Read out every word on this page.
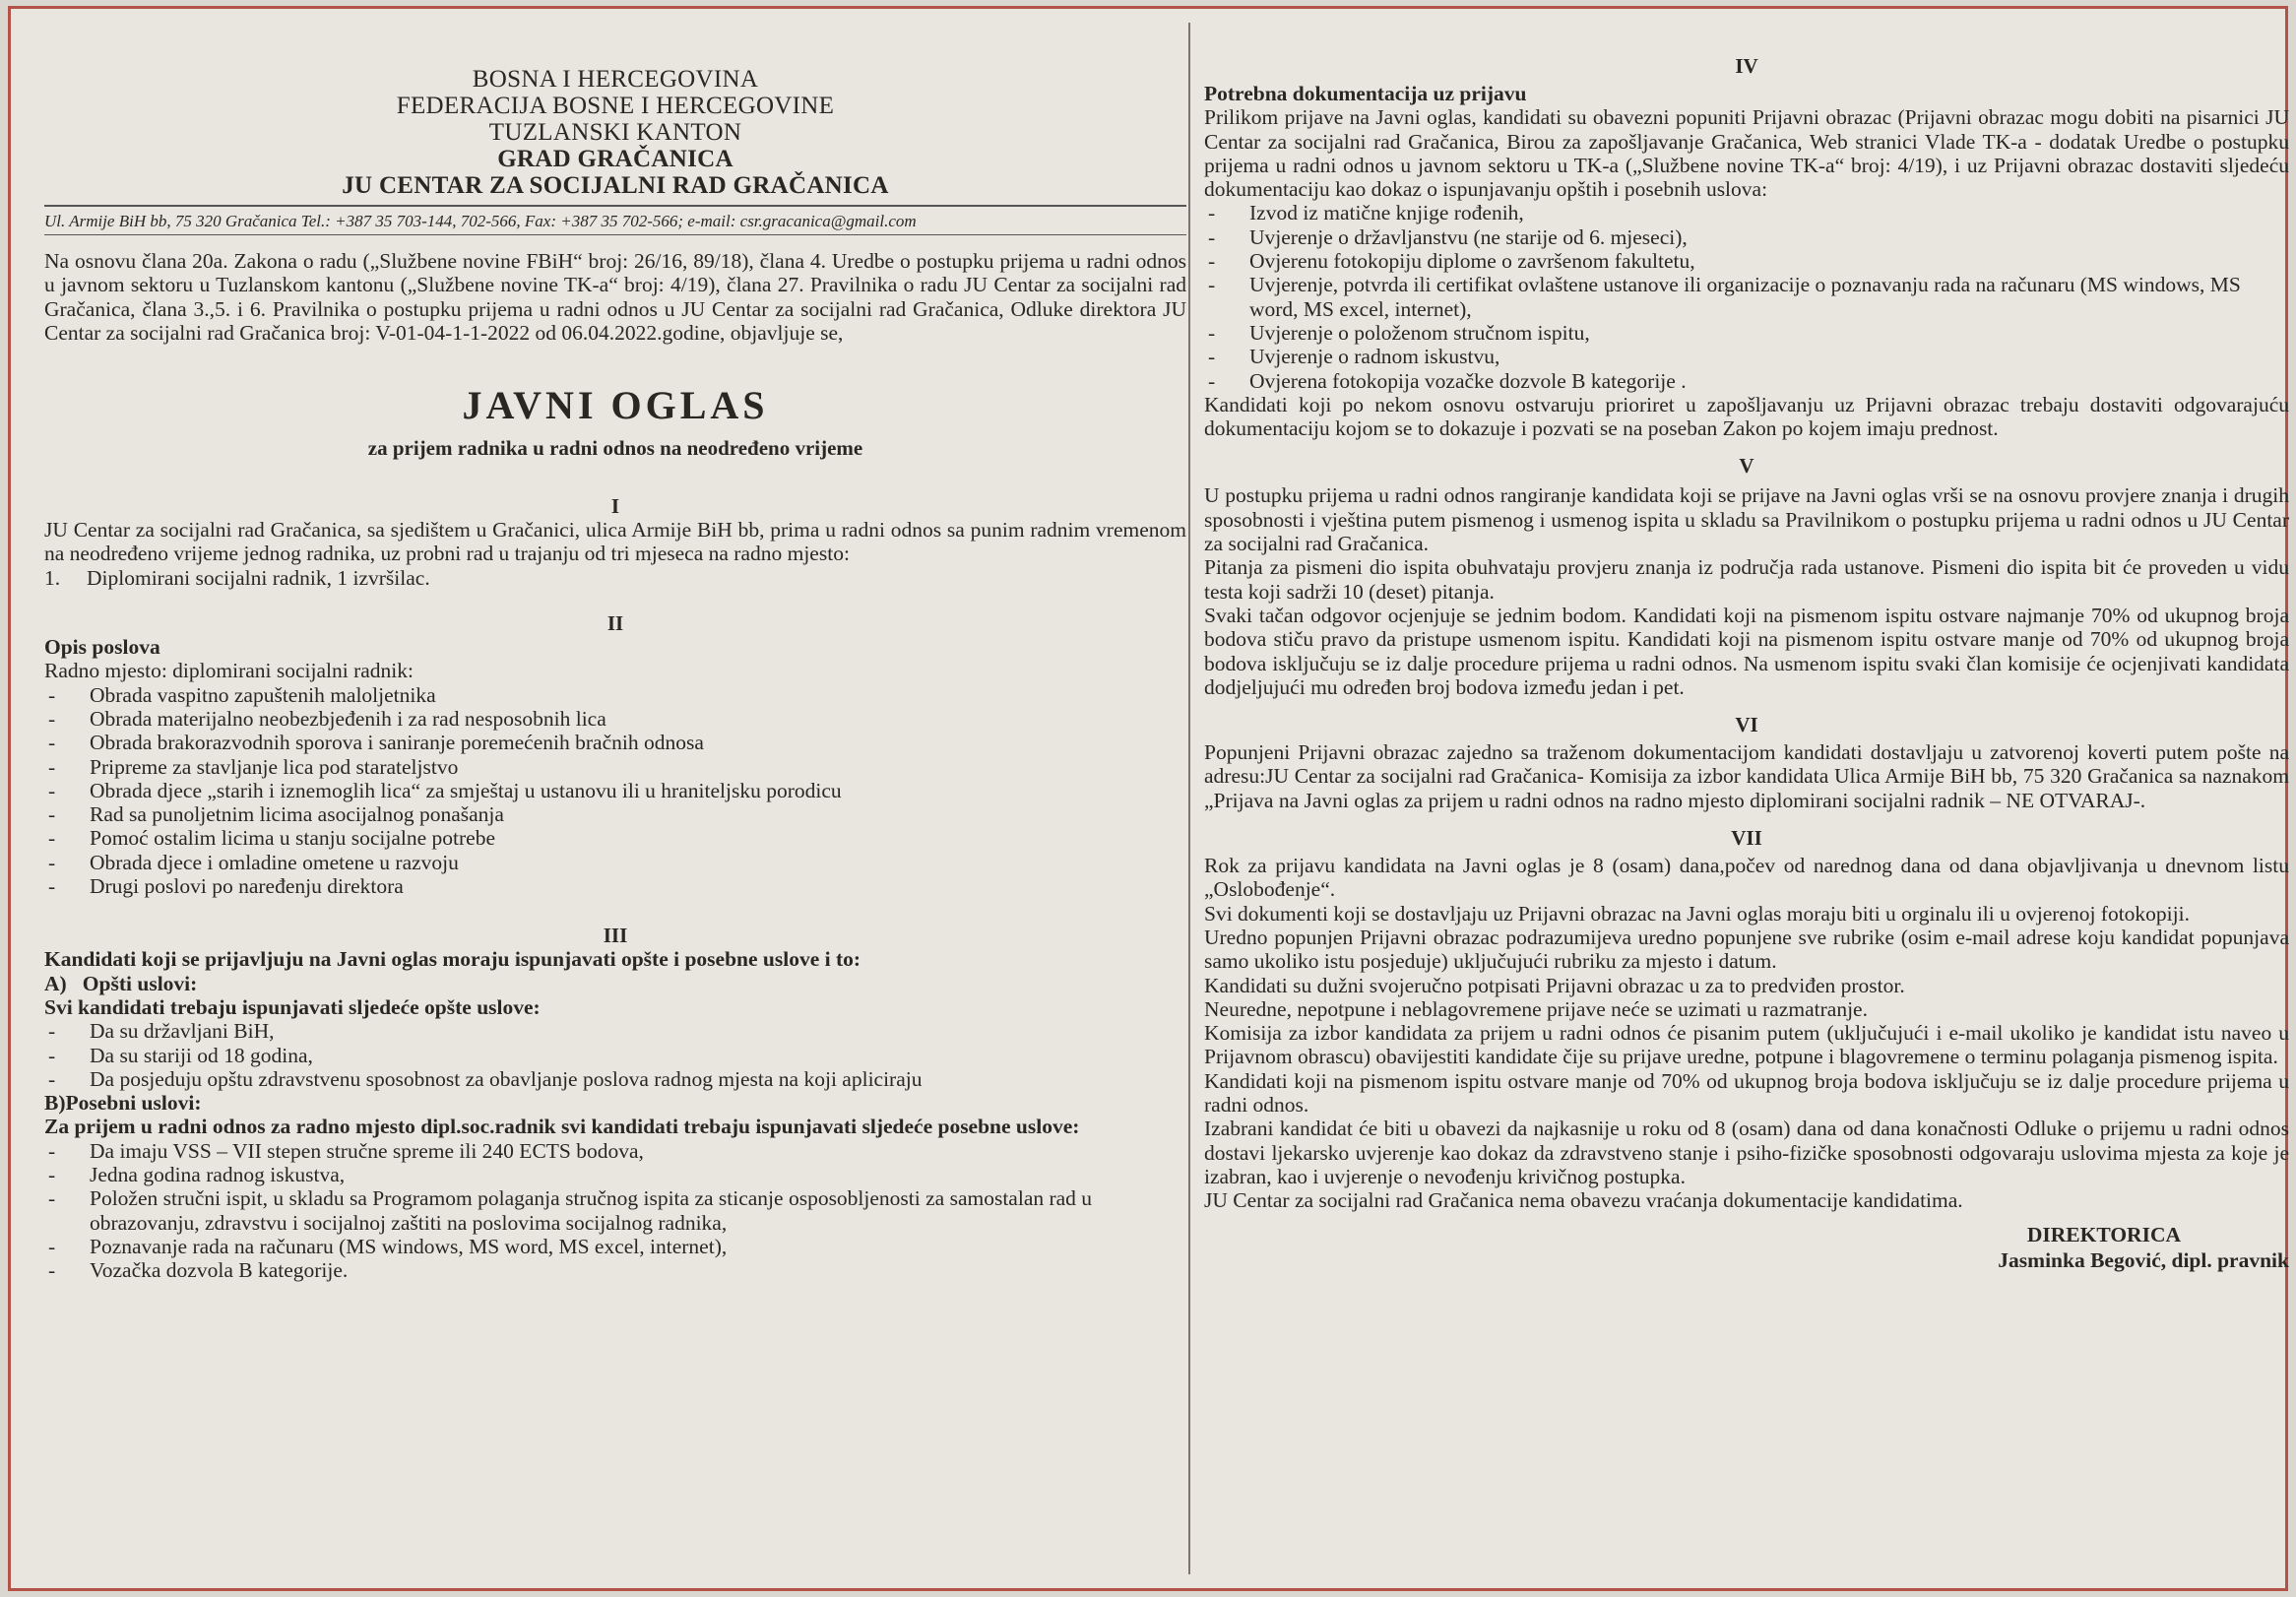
BOSNA I HERCEGOVINA
FEDERACIJA BOSNE I HERCEGOVINE
TUZLANSKI KANTON
GRAD GRAČANICA
JU CENTAR ZA SOCIJALNI RAD GRAČANICA
Ul. Armije BiH bb, 75 320 Gračanica Tel.: +387 35 703-144, 702-566, Fax: +387 35 702-566; e-mail: csr.gracanica@gmail.com

Na osnovu člana 20a. Zakona o radu („Službene novine FBiH“ broj: 26/16, 89/18), člana 4. Uredbe o postupku prijema u radni odnos u javnom sektoru u Tuzlanskom kantonu („Službene novine TK-a“ broj: 4/19), člana 27. Pravilnika o radu JU Centar za socijalni rad Gračanica, člana 3.,5. i 6. Pravilnika o postupku prijema u radni odnos u JU Centar za socijalni rad Gračanica, Odluke direktora JU Centar za socijalni rad Gračanica broj: V-01-04-1-1-2022 od 06.04.2022.godine, objavljuje se,

JAVNI OGLAS
za prijem radnika u radni odnos na neodređeno vrijeme
I

JU Centar za socijalni rad Gračanica, sa sjedištem u Gračanici, ulica Armije BiH bb, prima u radni odnos sa punim radnim vremenom na neodređeno vrijeme jednog radnika, uz probni rad u trajanju od tri mjeseca na radno mjesto:

1.     Diplomirani socijalni radnik, 1 izvršilac.

II

Opis poslova

Radno mjesto: diplomirani socijalni radnik:

- Obrada vaspitno zapuštenih maloljetnika
- Obrada materijalno neobezbjeđenih i za rad nesposobnih lica
- Obrada brakorazvodnih sporova i saniranje poremećenih bračnih odnosa
- Pripreme za stavljanje lica pod starateljstvo
- Obrada djece „starih i iznemoglih lica“ za smještaj u ustanovu ili u hraniteljsku porodicu
- Rad sa punoljetnim licima asocijalnog ponašanja
- Pomoć ostalim licima u stanju socijalne potrebe
- Obrada djece i omladine ometene u razvoju
- Drugi poslovi po naređenju direktora
III

Kandidati koji se prijavljuju na Javni oglas moraju ispunjavati opšte i posebne uslove i to:

A)   Opšti uslovi:

Svi kandidati trebaju ispunjavati sljedeće opšte uslove:

- Da su državljani BiH,
- Da su stariji od 18 godina,
- Da posjeduju opštu zdravstvenu sposobnost za obavljanje poslova radnog mjesta na koji apliciraju

B)Posebni uslovi:

Za prijem u radni odnos za radno mjesto dipl.soc.radnik svi kandidati trebaju ispunjavati sljedeće posebne uslove:

- Da imaju VSS – VII stepen stručne spreme ili 240 ECTS bodova,
- Jedna godina radnog iskustva,
- Položen stručni ispit, u skladu sa Programom polaganja stručnog ispita za sticanje osposobljenosti za samostalan rad u obrazovanju, zdravstvu i socijalnoj zaštiti na poslovima socijalnog radnika,
- Poznavanje rada na računaru (MS windows, MS word, MS excel, internet),
- Vozačka dozvola B kategorije.
IV

Potrebna dokumentacija uz prijavu

Prilikom prijave na Javni oglas, kandidati su obavezni popuniti Prijavni obrazac (Prijavni obrazac mogu dobiti na pisarnici JU Centar za socijalni rad Gračanica, Birou za zapošljavanje Gračanica, Web stranici Vlade TK-a - dodatak Uredbe o postupku prijema u radni odnos u javnom sektoru u TK-a („Službene novine TK-a“ broj: 4/19), i uz Prijavni obrazac dostaviti sljedeću dokumentaciju kao dokaz o ispunjavanju opštih i posebnih uslova:

- Izvod iz matične knjige rođenih,
- Uvjerenje o državljanstvu (ne starije od 6. mjeseci),
- Ovjerenu fotokopiju diplome o završenom fakultetu,
- Uvjerenje, potvrda ili certifikat ovlaštene ustanove ili organizacije o poznavanju rada na računaru (MS windows, MS word, MS excel, internet),
- Uvjerenje o položenom stručnom ispitu,
- Uvjerenje o radnom iskustvu,
- Ovjerena fotokopija vozačke dozvole B kategorije .

Kandidati koji po nekom osnovu ostvaruju prioriret u zapošljavanju uz Prijavni obrazac trebaju dostaviti odgovarajuću dokumentaciju kojom se to dokazuje i pozvati se na poseban Zakon po kojem imaju prednost.

V

U postupku prijema u radni odnos rangiranje kandidata koji se prijave na Javni oglas vrši se na osnovu provjere znanja i drugih sposobnosti i vještina putem pismenog i usmenog ispita u skladu sa Pravilnikom o postupku prijema u radni odnos u JU Centar za socijalni rad Gračanica.

Pitanja za pismeni dio ispita obuhvataju provjeru znanja iz područja rada ustanove. Pismeni dio ispita bit će proveden u vidu testa koji sadrži 10 (deset) pitanja.

Svaki tačan odgovor ocjenjuje se jednim bodom. Kandidati koji na pismenom ispitu ostvare najmanje 70% od ukupnog broja bodova stiču pravo da pristupe usmenom ispitu. Kandidati koji na pismenom ispitu ostvare manje od 70% od ukupnog broja bodova isključuju se iz dalje procedure prijema u radni odnos. Na usmenom ispitu svaki član komisije će ocjenjivati kandidata dodjeljujući mu određen broj bodova između jedan i pet.

VI

Popunjeni Prijavni obrazac zajedno sa traženom dokumentacijom kandidati dostavljaju u zatvorenoj koverti putem pošte na adresu:JU Centar za socijalni rad Gračanica- Komisija za izbor kandidata Ulica Armije BiH bb, 75 320 Gračanica sa naznakom „Prijava na Javni oglas za prijem u radni odnos na radno mjesto diplomirani socijalni radnik – NE OTVARAJ-.

VII

Rok za prijavu kandidata na Javni oglas je 8 (osam) dana,počev od narednog dana od dana objavljivanja u dnevnom listu „Oslobođenje“.

Svi dokumenti koji se dostavljaju uz Prijavni obrazac na Javni oglas moraju biti u orginalu ili u ovjerenoj fotokopiji.

Uredno popunjen Prijavni obrazac podrazumijeva uredno popunjene sve rubrike (osim e-mail adrese koju kandidat popunjava samo ukoliko istu posjeduje) uključujući rubriku za mjesto i datum.

Kandidati su dužni svojeručno potpisati Prijavni obrazac u za to predviđen prostor.

Neuredne, nepotpune i neblagovremene prijave neće se uzimati u razmatranje.

Komisija za izbor kandidata za prijem u radni odnos će pisanim putem (uključujući i e-mail ukoliko je kandidat istu naveo u Prijavnom obrascu) obavijestiti kandidate čije su prijave uredne, potpune i blagovremene o terminu polaganja pismenog ispita.

Kandidati koji na pismenom ispitu ostvare manje od 70% od ukupnog broja bodova isključuju se iz dalje procedure prijema u radni odnos.

Izabrani kandidat će biti u obavezi da najkasnije u roku od 8 (osam) dana od dana konačnosti Odluke o prijemu u radni odnos dostavi ljekarsko uvjerenje kao dokaz da zdravstveno stanje i psiho-fizičke sposobnosti odgovaraju uslovima mjesta za koje je izabran, kao i uvjerenje o nevođenju krivičnog postupka.

JU Centar za socijalni rad Gračanica nema obavezu vraćanja dokumentacije kandidatima.

DIREKTORICA
Jasminka Begović, dipl. pravnik
